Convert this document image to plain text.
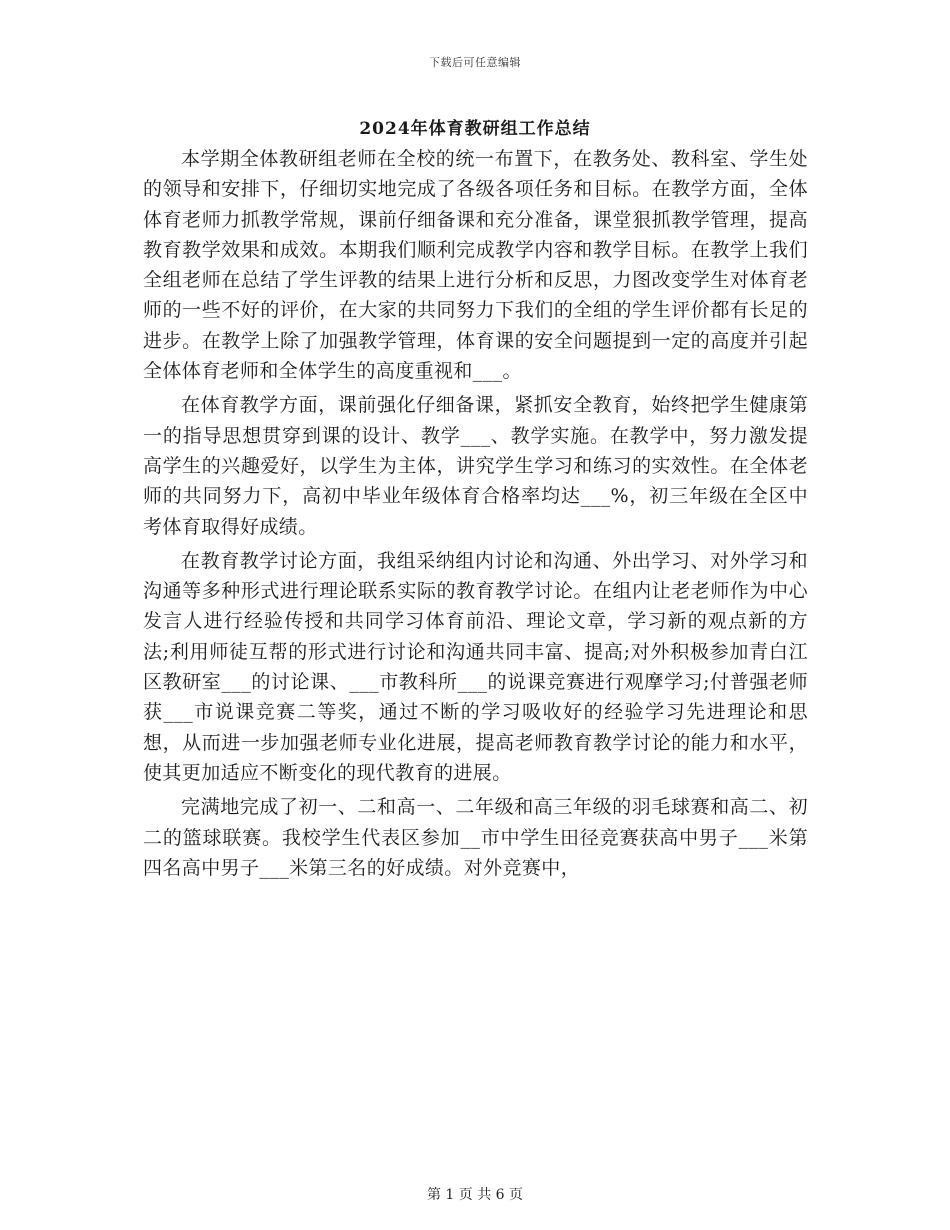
下载后可任意编辑
2024年体育教研组工作总结

本学期全体教研组老师在全校的统一布置下，在教务处、教科室、学生处的领导和安排下，仔细切实地完成了各级各项任务和目标。在教学方面，全体体育老师力抓教学常规，课前仔细备课和充分准备，课堂狠抓教学管理，提高教育教学效果和成效。本期我们顺利完成教学内容和教学目标。在教学上我们全组老师在总结了学生评教的结果上进行分析和反思，力图改变学生对体育老师的一些不好的评价，在大家的共同努力下我们的全组的学生评价都有长足的进步。在教学上除了加强教学管理，体育课的安全问题提到一定的高度并引起全体体育老师和全体学生的高度重视和___。

在体育教学方面，课前强化仔细备课，紧抓安全教育，始终把学生健康第一的指导思想贯穿到课的设计、教学___、教学实施。在教学中，努力激发提高学生的兴趣爱好，以学生为主体，讲究学生学习和练习的实效性。在全体老师的共同努力下，高初中毕业年级体育合格率均达___%，初三年级在全区中考体育取得好成绩。

在教育教学讨论方面，我组采纳组内讨论和沟通、外出学习、对外学习和沟通等多种形式进行理论联系实际的教育教学讨论。在组内让老老师作为中心发言人进行经验传授和共同学习体育前沿、理论文章，学习新的观点新的方法;利用师徒互帮的形式进行讨论和沟通共同丰富、提高;对外积极参加青白江区教研室___的讨论课、___市教科所___的说课竞赛进行观摩学习;付普强老师获___市说课竞赛二等奖，通过不断的学习吸收好的经验学习先进理论和思想，从而进一步加强老师专业化进展，提高老师教育教学讨论的能力和水平，使其更加适应不断变化的现代教育的进展。

完满地完成了初一、二和高一、二年级和高三年级的羽毛球赛和高二、初二的篮球联赛。我校学生代表区参加__市中学生田径竞赛获高中男子___米第四名高中男子___米第三名的好成绩。对外竞赛中，

第 1 页 共 6 页
